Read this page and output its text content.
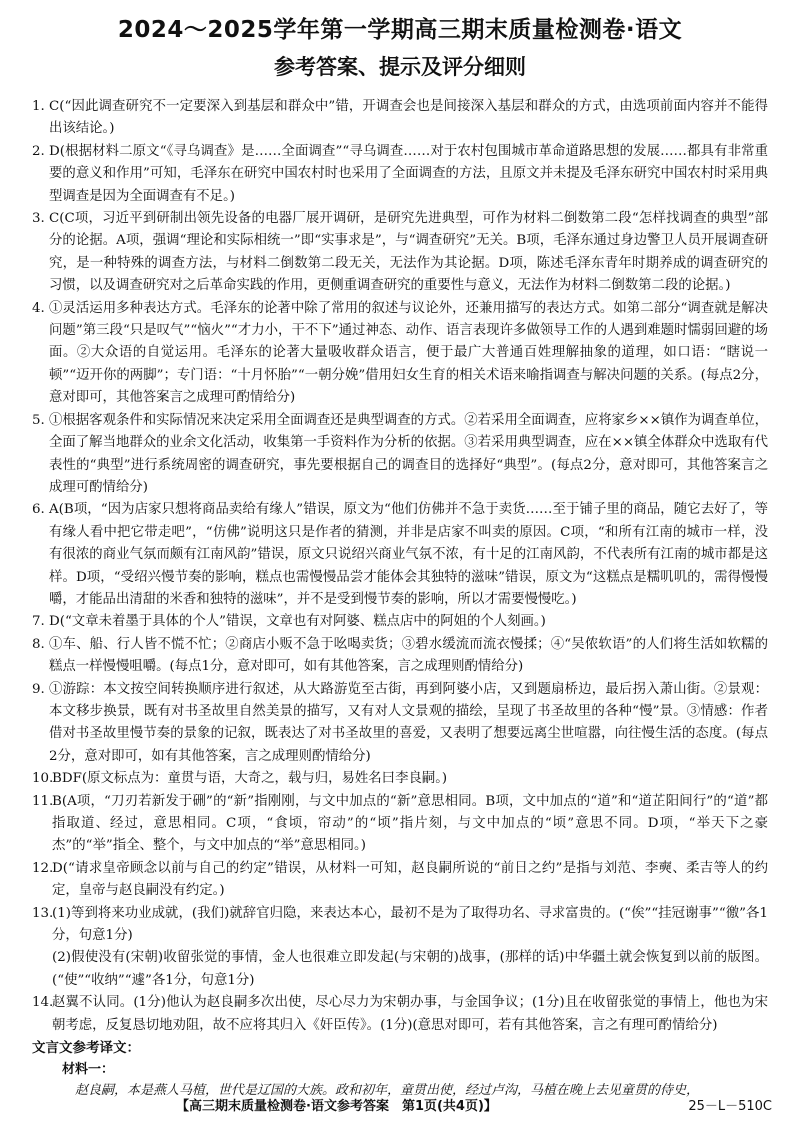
2024～2025学年第一学期高三期末质量检测卷·语文
参考答案、提示及评分细则
1. C(“因此调查研究不一定要深入到基层和群众中”错，开调查会也是间接深入基层和群众的方式，由选项前面内容并不能得出该结论。)
2. D(根据材料二原文“《寻乌调查》是……全面调查”“寻乌调查……对于农村包围城市革命道路思想的发展……都具有非常重要的意义和作用”可知，毛泽东在研究中国农村时也采用了全面调查的方法，且原文并未提及毛泽东研究中国农村时采用典型调查是因为全面调查有不足。)
3. C(C项，习近平到研制出领先设备的电器厂展开调研，是研究先进典型，可作为材料二倒数第二段“怎样找调查的典型”部分的论据。A项，强调“理论和实际相统一”即“实事求是”，与“调查研究”无关。B项，毛泽东通过身边警卫人员开展调查研究，是一种特殊的调查方法，与材料二倒数第二段无关，无法作为其论据。D项，陈述毛泽东青年时期养成的调查研究的习惯，以及调查研究对之后革命实践的作用，更侧重调查研究的重要性与意义，无法作为材料二倒数第二段的论据。)
4. ①灵活运用多种表达方式。毛泽东的论著中除了常用的叙述与议论外，还兼用描写的表达方式。如第二部分“调查就是解决问题”第三段“只是叹气”“恼火”“才力小，干不下”通过神态、动作、语言表现许多做领导工作的人遇到难题时懦弱回避的场面。②大众语的自觉运用。毛泽东的论著大量吸收群众语言，便于最广大普通百姓理解抽象的道理，如口语：“瞎说一顿”“迈开你的两脚”；专门语：“十月怀胎”“一朝分娩”借用妇女生育的相关术语来喻指调查与解决问题的关系。(每点2分，意对即可，其他答案言之成理可酌情给分)
5. ①根据客观条件和实际情况来决定采用全面调查还是典型调查的方式。②若采用全面调查，应将家乡××镇作为调查单位，全面了解当地群众的业余文化活动，收集第一手资料作为分析的依据。③若采用典型调查，应在××镇全体群众中选取有代表性的“典型”进行系统周密的调查研究，事先要根据自己的调查目的选择好“典型”。(每点2分，意对即可，其他答案言之成理可酌情给分)
6. A(B项，“因为店家只想将商品卖给有缘人”错误，原文为“他们仿佛并不急于卖货……至于铺子里的商品，随它去好了，等有缘人看中把它带走吧”，“仿佛”说明这只是作者的猜测，并非是店家不叫卖的原因。C项，“和所有江南的城市一样，没有很浓的商业气氛而颇有江南风韵”错误，原文只说绍兴商业气氛不浓，有十足的江南风韵，不代表所有江南的城市都是这样。D项，“受绍兴慢节奏的影响，糕点也需慢慢品尝才能体会其独特的滋味”错误，原文为“这糕点是糯叽叽的，需得慢慢嚼，才能品出清甜的米香和独特的滋味”，并不是受到慢节奏的影响，所以才需要慢慢吃。)
7. D(“文章未着墨于具体的个人”错误，文章也有对阿婆、糕点店中的阿姐的个人刻画。)
8. ①车、船、行人皆不慌不忙；②商店小贩不急于吆喝卖货；③碧水缓流而流衣慢揉；④“吴侬软语”的人们将生活如软糯的糕点一样慢慢咀嚼。(每点1分，意对即可，如有其他答案，言之成理则酌情给分)
9. ①游踪：本文按空间转换顺序进行叙述，从大路游览至古街，再到阿婆小店，又到题扇桥边，最后拐入萧山街。②景观：本文移步换景，既有对书圣故里自然美景的描写，又有对人文景观的描绘，呈现了书圣故里的各种“慢”景。③情感：作者借对书圣故里慢节奏的景象的记叙，既表达了对书圣故里的喜爱，又表明了想要远离尘世喧嚣，向往慢生活的态度。(每点2分，意对即可，如有其他答案，言之成理则酌情给分)
10.
BDF(原文标点为：童贯与语，大奇之，载与归，易姓名曰李良嗣。)
11.
B(A项，“刀刃若新发于硎”的“新”指刚刚，与文中加点的“新”意思相同。B项，文中加点的“道”和“道芷阳间行”的“道”都指取道、经过，意思相同。C项，“食顷，帘动”的“顷”指片刻，与文中加点的“顷”意思不同。D项，“举天下之豪杰”的“举”指全、整个，与文中加点的“举”意思相同。)
12.
D(“请求皇帝顾念以前与自己的约定”错误，从材料一可知，赵良嗣所说的“前日之约”是指与刘范、李奭、柔吉等人的约定，皇帝与赵良嗣没有约定。)
13.
(1)等到将来功业成就，(我们)就辞官归隐，来表达本心，最初不是为了取得功名、寻求富贵的。(“俟”“挂冠谢事”“徼”各1分，句意1分)
(2)假使没有(宋朝)收留张觉的事情，金人也很难立即发起(与宋朝的)战事，(那样的话)中华疆土就会恢复到以前的版图。(“使”“收纳”“遽”各1分，句意1分)
14.
赵翼不认同。(1分)他认为赵良嗣多次出使，尽心尽力为宋朝办事，与金国争议；(1分)且在收留张觉的事情上，他也为宋朝考虑，反复恳切地劝阻，故不应将其归入《奸臣传》。(1分)(意思对即可，若有其他答案，言之有理可酌情给分)
文言文参考译文：
材料一：
赵良嗣，本是燕人马植，世代是辽国的大族。政和初年，童贯出使，经过卢沟，马植在晚上去见童贯的侍史，
【高三期末质量检测卷·语文参考答案　第1页(共4页)】	25－L－510C
